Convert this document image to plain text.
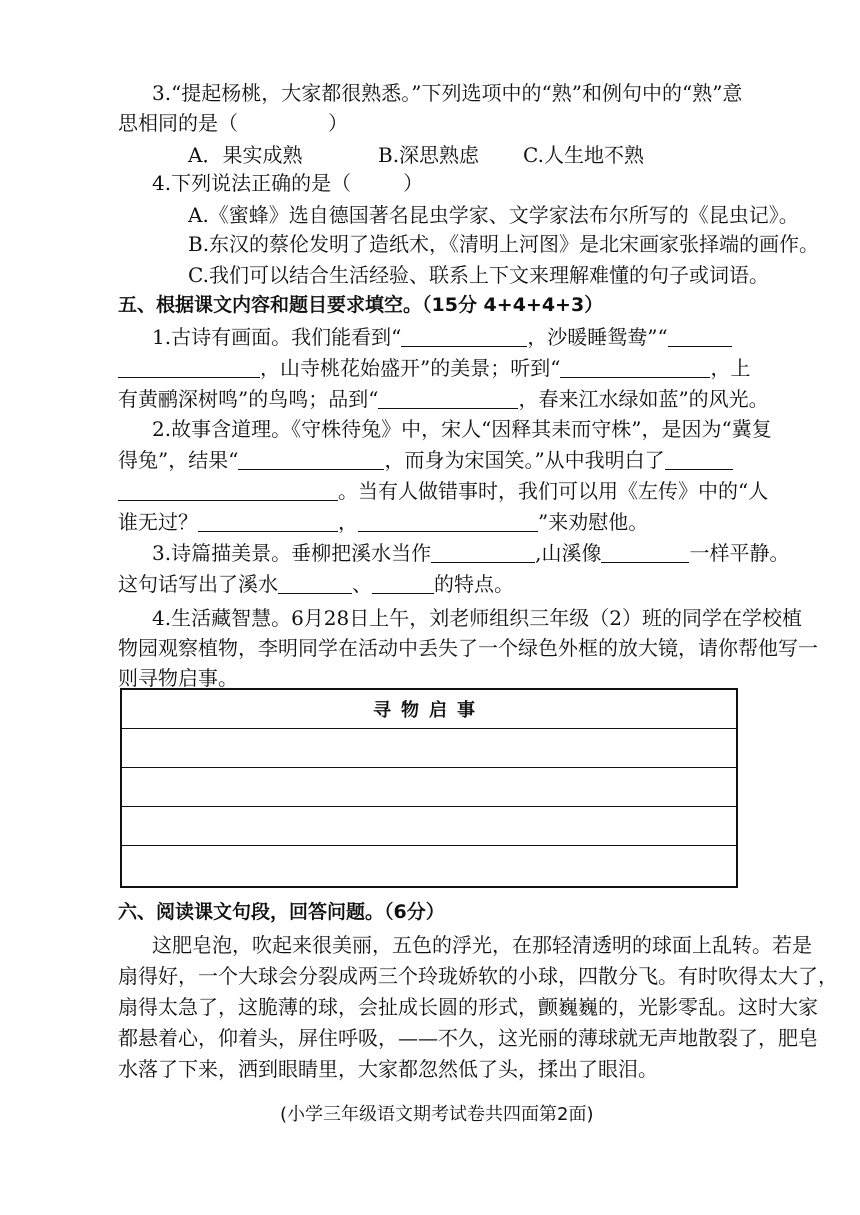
3.“提起杨桃，大家都很熟悉。”下列选项中的“熟”和例句中的“熟”意
思相同的是（	）
A．果实成熟	B.深思熟虑 C.人生地不熟
4.下列说法正确的是（	）
A.《蜜蜂》选自德国著名昆虫学家、文学家法布尔所写的《昆虫记》。
B.东汉的蔡伦发明了造纸术，《清明上河图》是北宋画家张择端的画作。
C.我们可以结合生活经验、联系上下文来理解难懂的句子或词语。
五、根据课文内容和题目要求填空。（15分 4+4+4+3）
1.古诗有画面。我们能看到“	，沙暖睡鸳鸯”“
，山寺桃花始盛开”的美景；听到“	，上
有黄鹂深树鸣”的鸟鸣；品到“	，春来江水绿如蓝”的风光。
2.故事含道理。《守株待兔》中，宋人“因释其耒而守株”，是因为“冀复
得兔”，结果“	，而身为宋国笑。”从中我明白了
。当有人做错事时，我们可以用《左传》中的“人
谁无过？	，	”来劝慰他。
3.诗篇描美景。垂柳把溪水当作	,山溪像	一样平静。
这句话写出了溪水	、	的特点。
4.生活藏智慧。6月28日上午，刘老师组织三年级（2）班的同学在学校植
物园观察植物，李明同学在活动中丢失了一个绿色外框的放大镜，请你帮他写一
则寻物启事。
寻物启事
六、阅读课文句段，回答问题。（6分）
这肥皂泡，吹起来很美丽，五色的浮光，在那轻清透明的球面上乱转。若是
扇得好，一个大球会分裂成两三个玲珑娇软的小球，四散分飞。有时吹得太大了，
扇得太急了，这脆薄的球，会扯成长圆的形式，颤巍巍的，光影零乱。这时大家
都悬着心，仰着头，屏住呼吸，——不久，这光丽的薄球就无声地散裂了，肥皂
水落了下来，洒到眼睛里，大家都忽然低了头，揉出了眼泪。
(小学三年级语文期考试卷共四面第2面)
